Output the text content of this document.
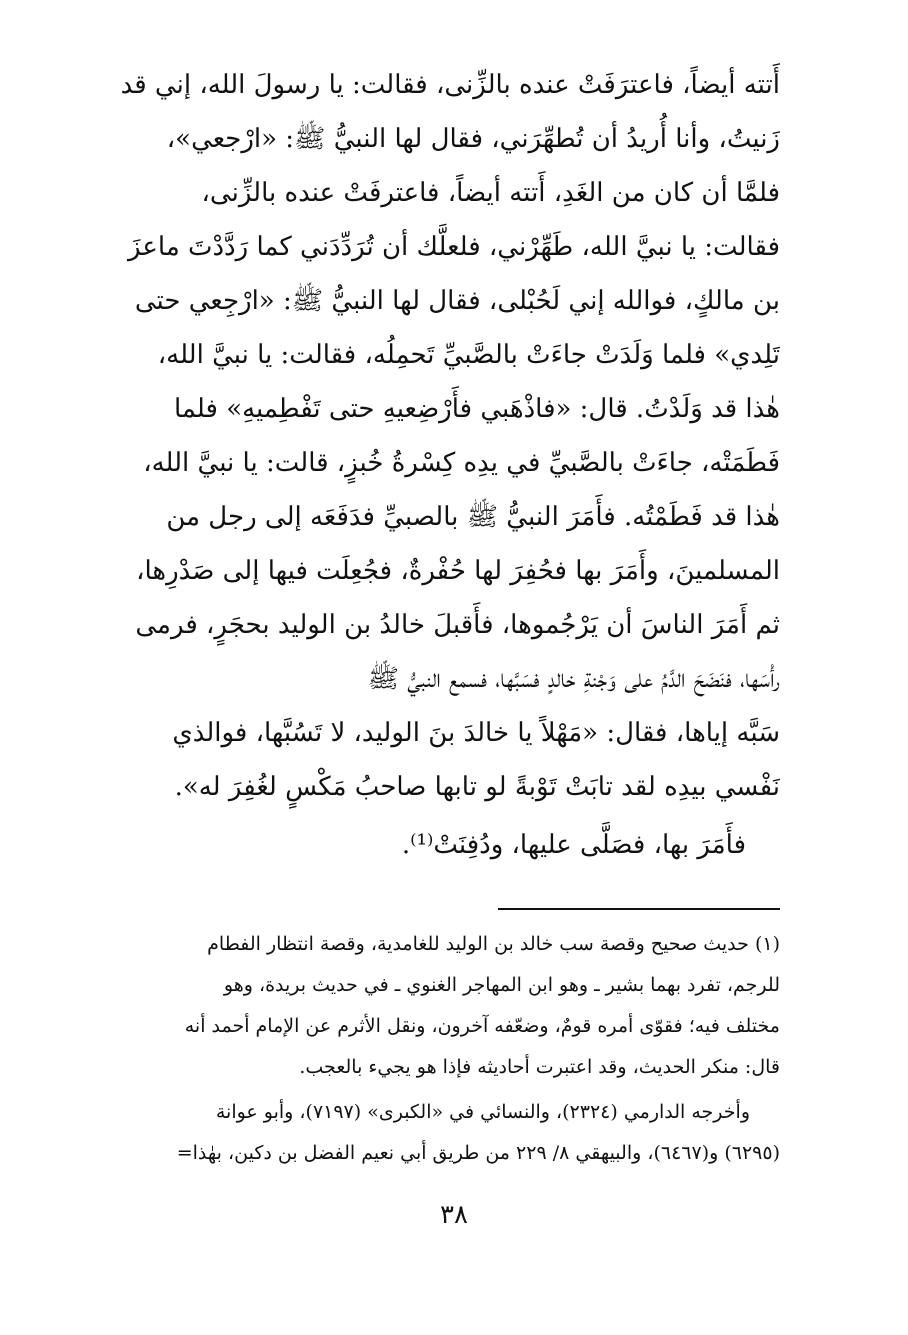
أَتته أيضاً، فاعترَفَتْ عنده بالزِّنى، فقالت: يا رسولَ الله، إني قد
زَنيتُ، وأنا أُريدُ أن تُطهِّرَني، فقال لها النبيُّ ﷺ: «ارْجعي»،
فلمَّا أن كان من الغَدِ، أَتته أيضاً، فاعترفَتْ عنده بالزِّنى،
فقالت: يا نبيَّ الله، طَهِّرْني، فلعلَّك أن تُرَدِّدَني كما رَدَّدْتَ ماعزَ
بن مالكٍ، فوالله إني لَحُبْلى، فقال لها النبيُّ ﷺ: «ارْجِعي حتى
تَلِدي» فلما وَلَدَتْ جاءَتْ بالصَّبيِّ تَحمِلُه، فقالت: يا نبيَّ الله،
هٰذا قد وَلَدْتُ. قال: «فاذْهَبي فأَرْضِعيهِ حتى تَفْطِميهِ» فلما
فَطَمَتْه، جاءَتْ بالصَّبيِّ في يدِه كِسْرةُ خُبزٍ، قالت: يا نبيَّ الله،
هٰذا قد فَطَمْتُه. فأَمَرَ النبيُّ ﷺ بالصبيِّ فدَفَعَه إلى رجل من
المسلمينَ، وأَمَرَ بها فحُفِرَ لها حُفْرةٌ، فجُعِلَت فيها إلى صَدْرِها،
ثم أَمَرَ الناسَ أن يَرْجُموها، فأَقبلَ خالدُ بن الوليد بحجَرٍ، فرمى
رأْسَها، فنَضَحَ الدَّمُ على وَجْنةِ خالدٍ فسَبَّها، فسمع النبيُّ ﷺ
سَبَّه إياها، فقال: «مَهْلاً يا خالدَ بنَ الوليد، لا تَسُبَّها، فوالذي
نَفْسي بيدِه لقد تابَتْ تَوْبةً لو تابها صاحبُ مَكْسٍ لغُفِرَ له».
فأَمَرَ بها، فصَلَّى عليها، ودُفِنَتْ⁽¹⁾.
(١) حديث صحيح وقصة سب خالد بن الوليد للغامدية، وقصة انتظار الفطام
للرجم، تفرد بهما بشير ـ وهو ابن المهاجر الغنوي ـ في حديث بريدة، وهو
مختلف فيه؛ فقوّى أمره قومٌ، وضعّفه آخرون، ونقل الأثرم عن الإمام أحمد أنه
قال: منكر الحديث، وقد اعتبرت أحاديثه فإذا هو يجيء بالعجب.
وأخرجه الدارمي (٢٣٢٤)، والنسائي في «الكبرى» (٧١٩٧)، وأبو عوانة
(٦٢٩٥) و(٦٤٦٧)، والبيهقي ٨/ ٢٢٩ من طريق أبي نعيم الفضل بن دكين، بهٰذا=
٣٨
